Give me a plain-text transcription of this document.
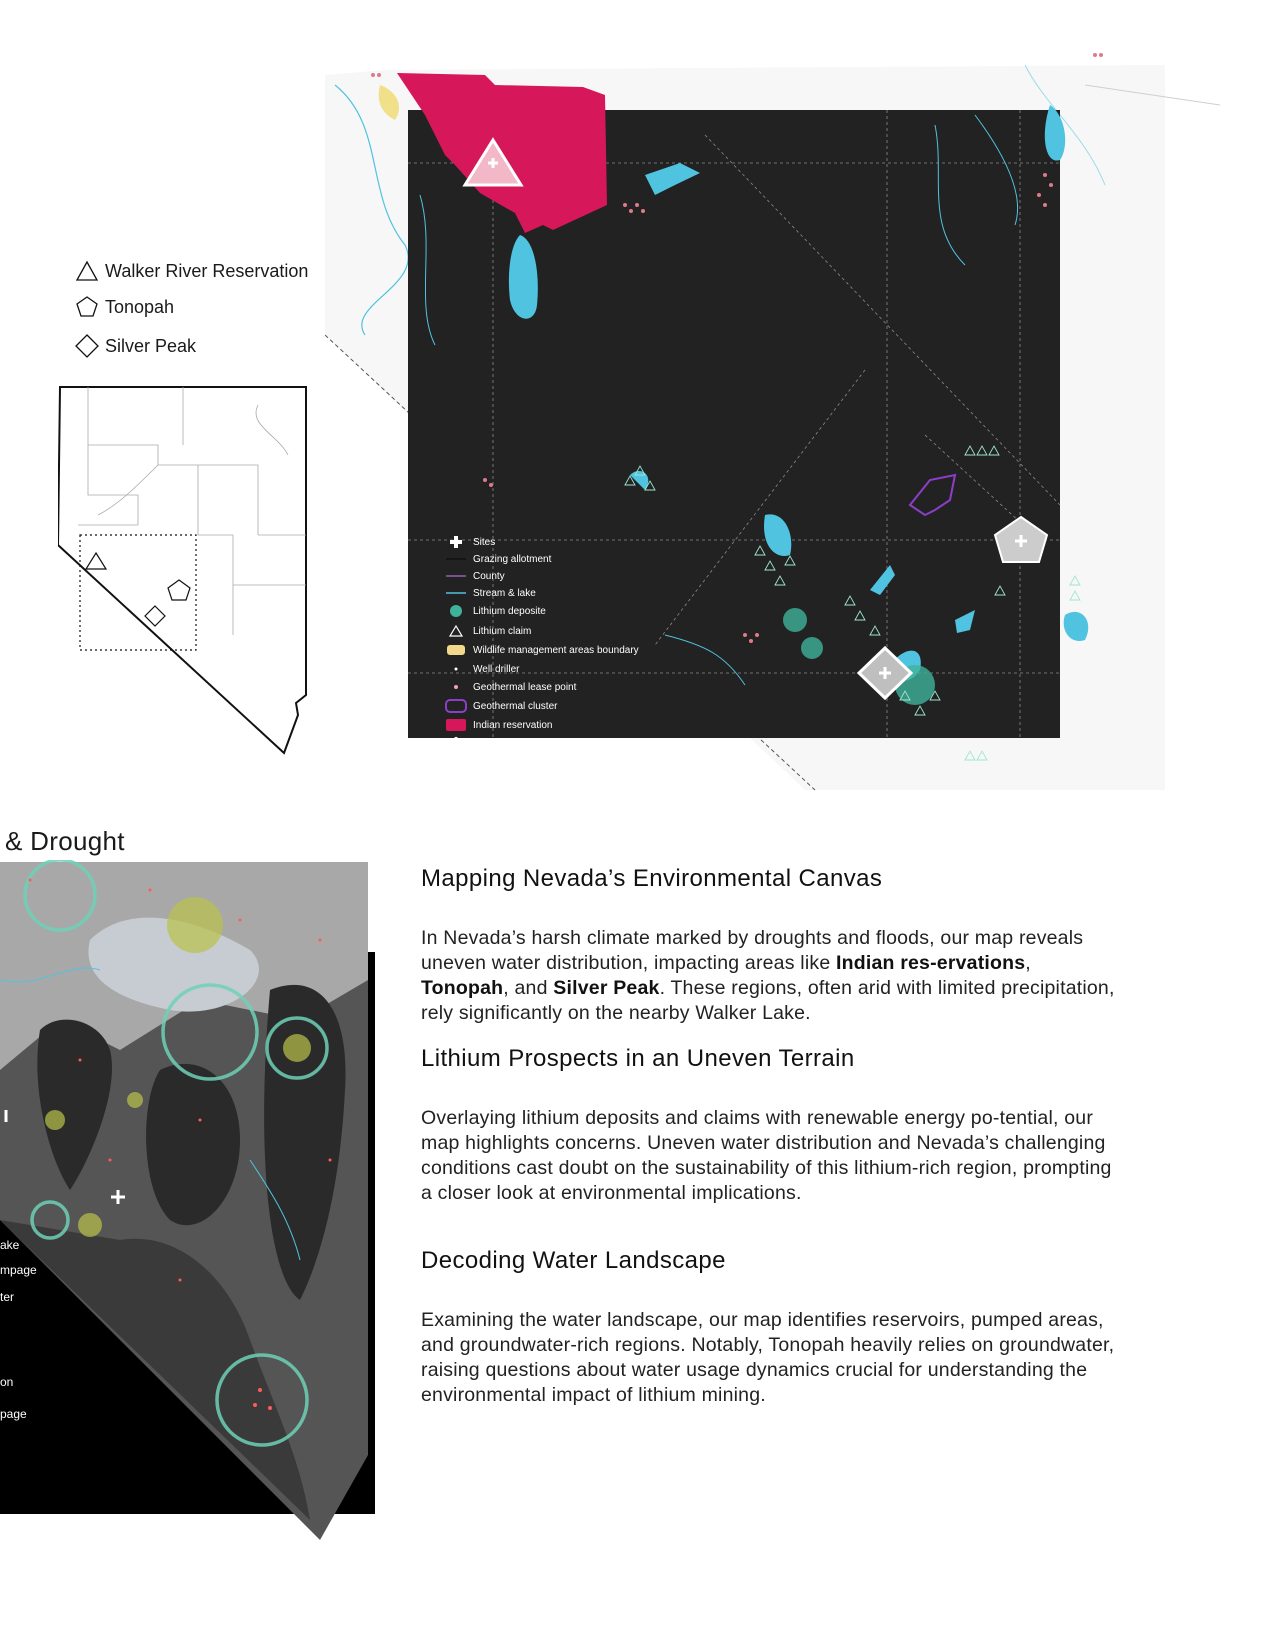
Walker River Reservation
Tonopah
Silver Peak
Sites
Grazing allotment
County
Stream & lake
Lithium deposite
Lithium claim
Wildlife management areas boundary
Well driller
Geothermal lease point
Geothermal cluster
Indian reservation
Crucial habitat
& Drought
ake
mpage
ter
on
page
Mapping Nevada’s Environmental Canvas

In Nevada’s harsh climate marked by droughts and floods, our map reveals uneven water distribution, impacting areas like Indian res-ervations, Tonopah, and Silver Peak. These regions, often arid with limited precipitation, rely significantly on the nearby Walker Lake.

Lithium Prospects in an Uneven Terrain

Overlaying lithium deposits and claims with renewable energy po-tential, our map highlights concerns. Uneven water distribution and Nevada’s challenging conditions cast doubt on the sustainability of this lithium-rich region, prompting a closer look at environmental implications.

Decoding Water Landscape

Examining the water landscape, our map identifies reservoirs, pumped areas, and groundwater-rich regions. Notably, Tonopah heavily relies on groundwater, raising questions about water usage dynamics crucial for understanding the environmental impact of lithium mining.
